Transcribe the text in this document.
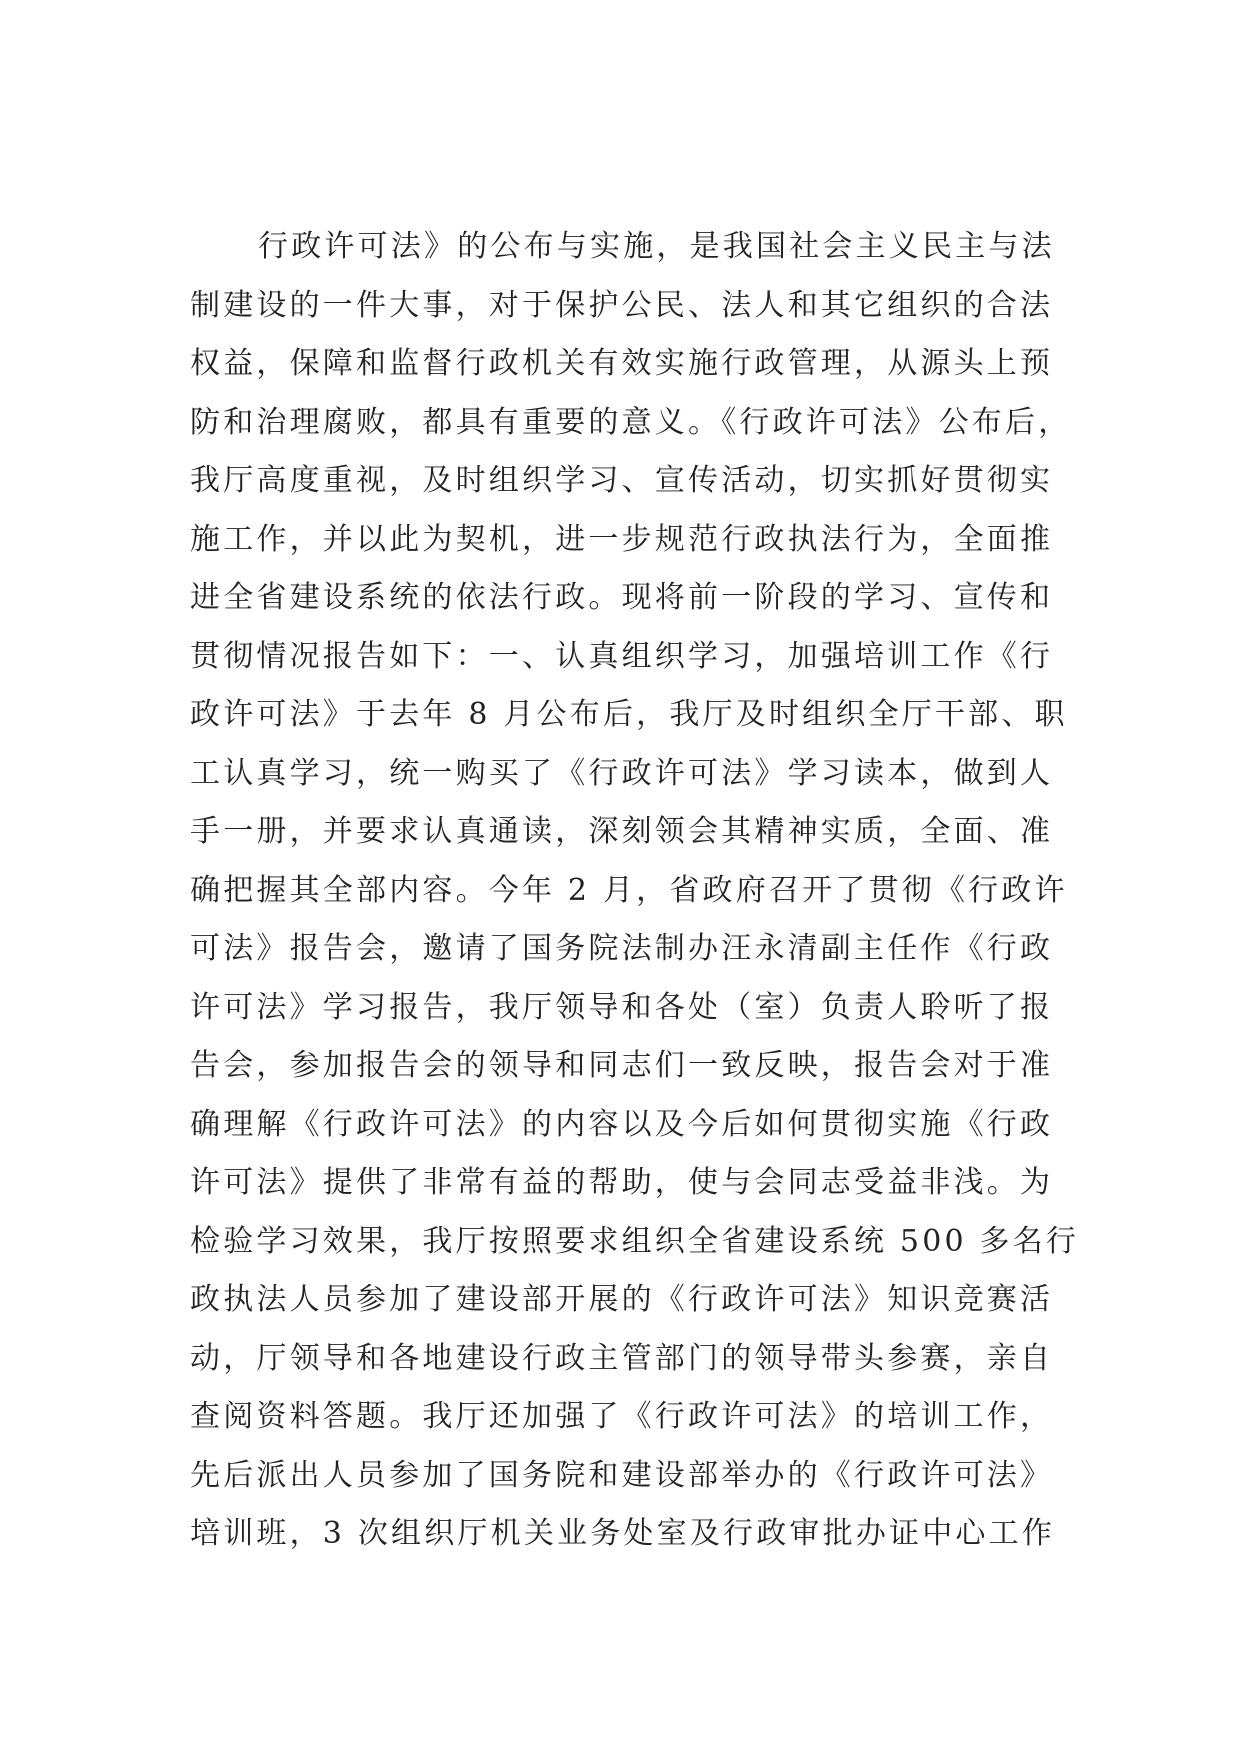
行政许可法》的公布与实施，是我国社会主义民主与法
制建设的一件大事，对于保护公民、法人和其它组织的合法
权益，保障和监督行政机关有效实施行政管理，从源头上预
防和治理腐败，都具有重要的意义。《行政许可法》公布后，
我厅高度重视，及时组织学习、宣传活动，切实抓好贯彻实
施工作，并以此为契机，进一步规范行政执法行为，全面推
进全省建设系统的依法行政。现将前一阶段的学习、宣传和
贯彻情况报告如下：一、认真组织学习，加强培训工作《行
政许可法》于去年 8 月公布后，我厅及时组织全厅干部、职
工认真学习，统一购买了《行政许可法》学习读本，做到人
手一册，并要求认真通读，深刻领会其精神实质，全面、准
确把握其全部内容。今年 2 月，省政府召开了贯彻《行政许
可法》报告会，邀请了国务院法制办汪永清副主任作《行政
许可法》学习报告，我厅领导和各处（室）负责人聆听了报
告会，参加报告会的领导和同志们一致反映，报告会对于准
确理解《行政许可法》的内容以及今后如何贯彻实施《行政
许可法》提供了非常有益的帮助，使与会同志受益非浅。为
检验学习效果，我厅按照要求组织全省建设系统 500 多名行
政执法人员参加了建设部开展的《行政许可法》知识竞赛活
动，厅领导和各地建设行政主管部门的领导带头参赛，亲自
查阅资料答题。我厅还加强了《行政许可法》的培训工作，
先后派出人员参加了国务院和建设部举办的《行政许可法》
培训班，3 次组织厅机关业务处室及行政审批办证中心工作
